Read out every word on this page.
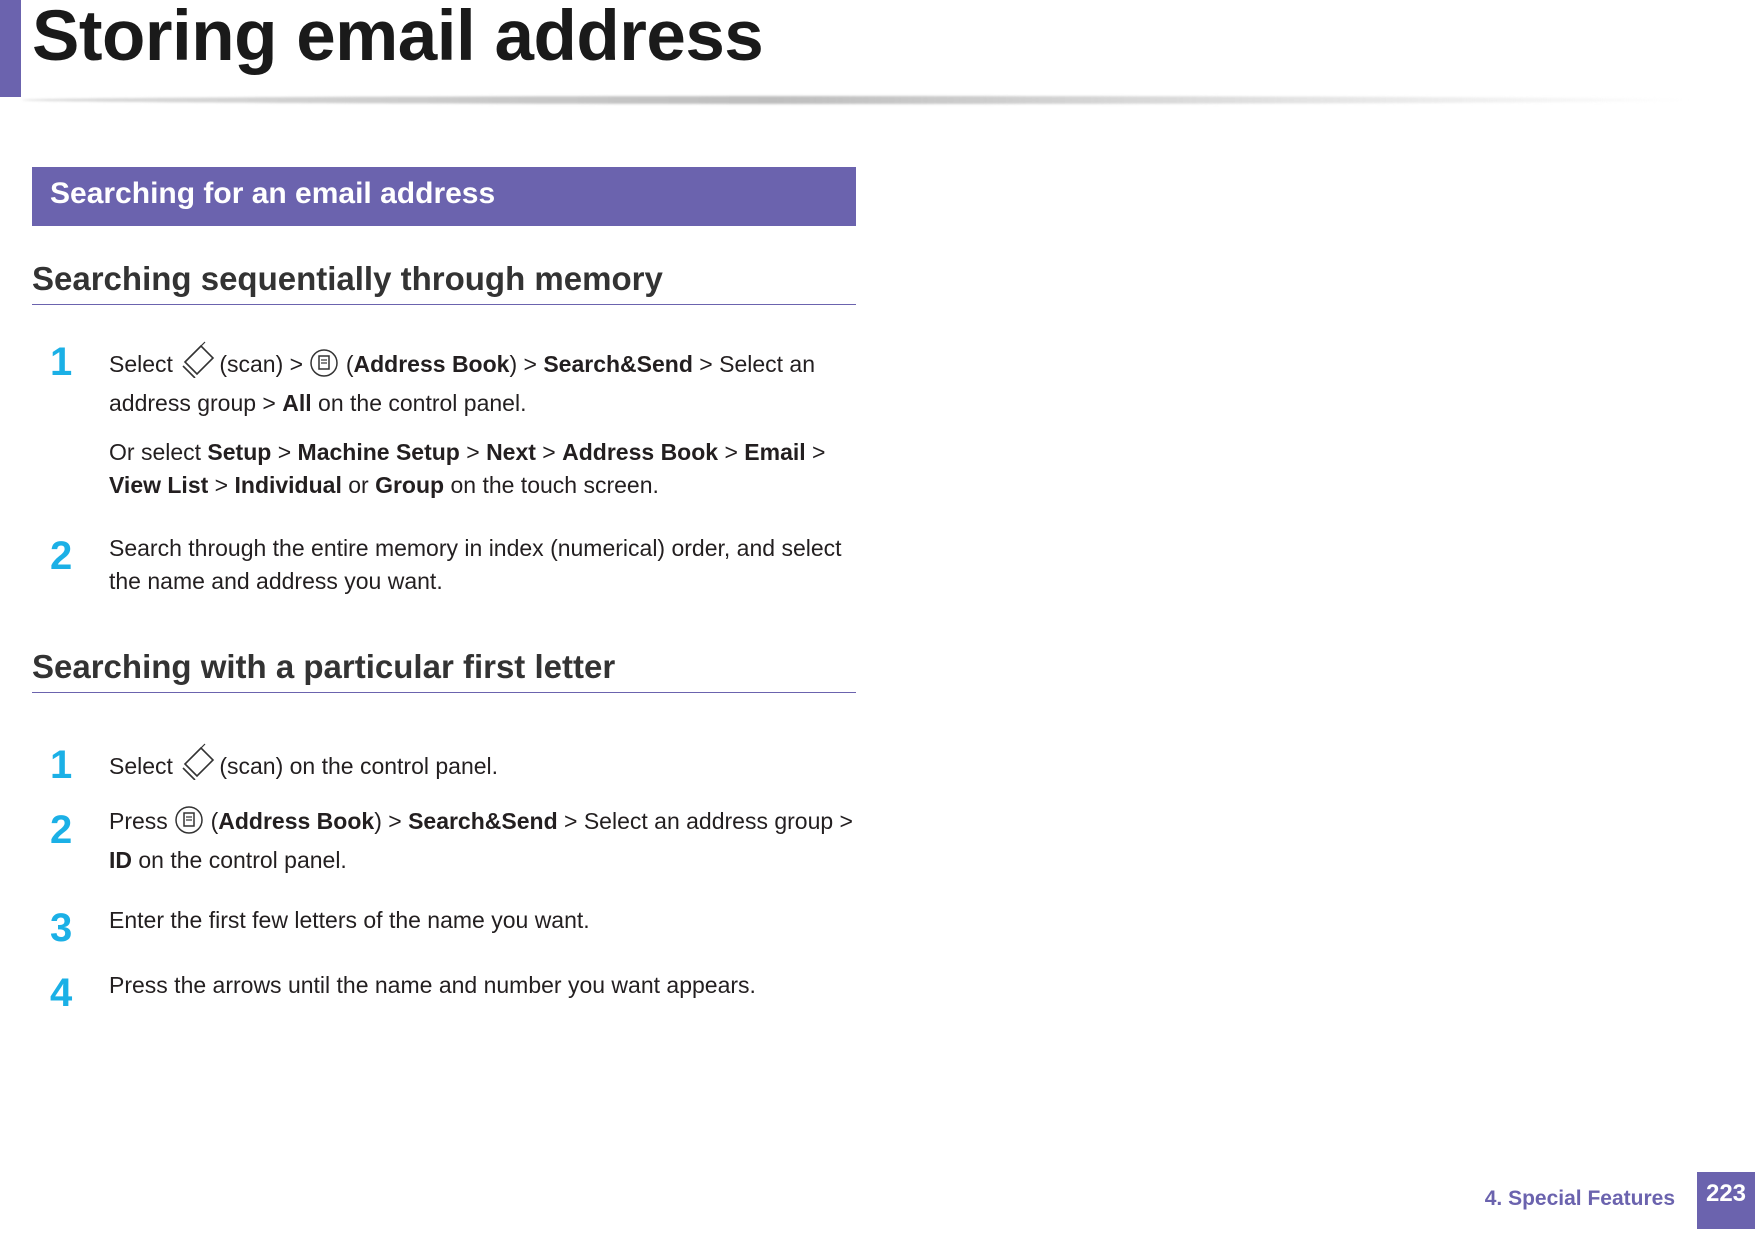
Storing email address
Searching for an email address
Searching sequentially through memory
1 Select (scan) >  (Address Book) > Search&Send > Select an address group > All on the control panel.
Or select Setup > Machine Setup > Next > Address Book > Email > View List > Individual or Group on the touch screen.
2 Search through the entire memory in index (numerical) order, and select the name and address you want.
Searching with a particular first letter
1 Select (scan) on the control panel.
2 Press  (Address Book) > Search&Send > Select an address group > ID on the control panel.
3 Enter the first few letters of the name you want.
4 Press the arrows until the name and number you want appears.
4. Special Features	223
